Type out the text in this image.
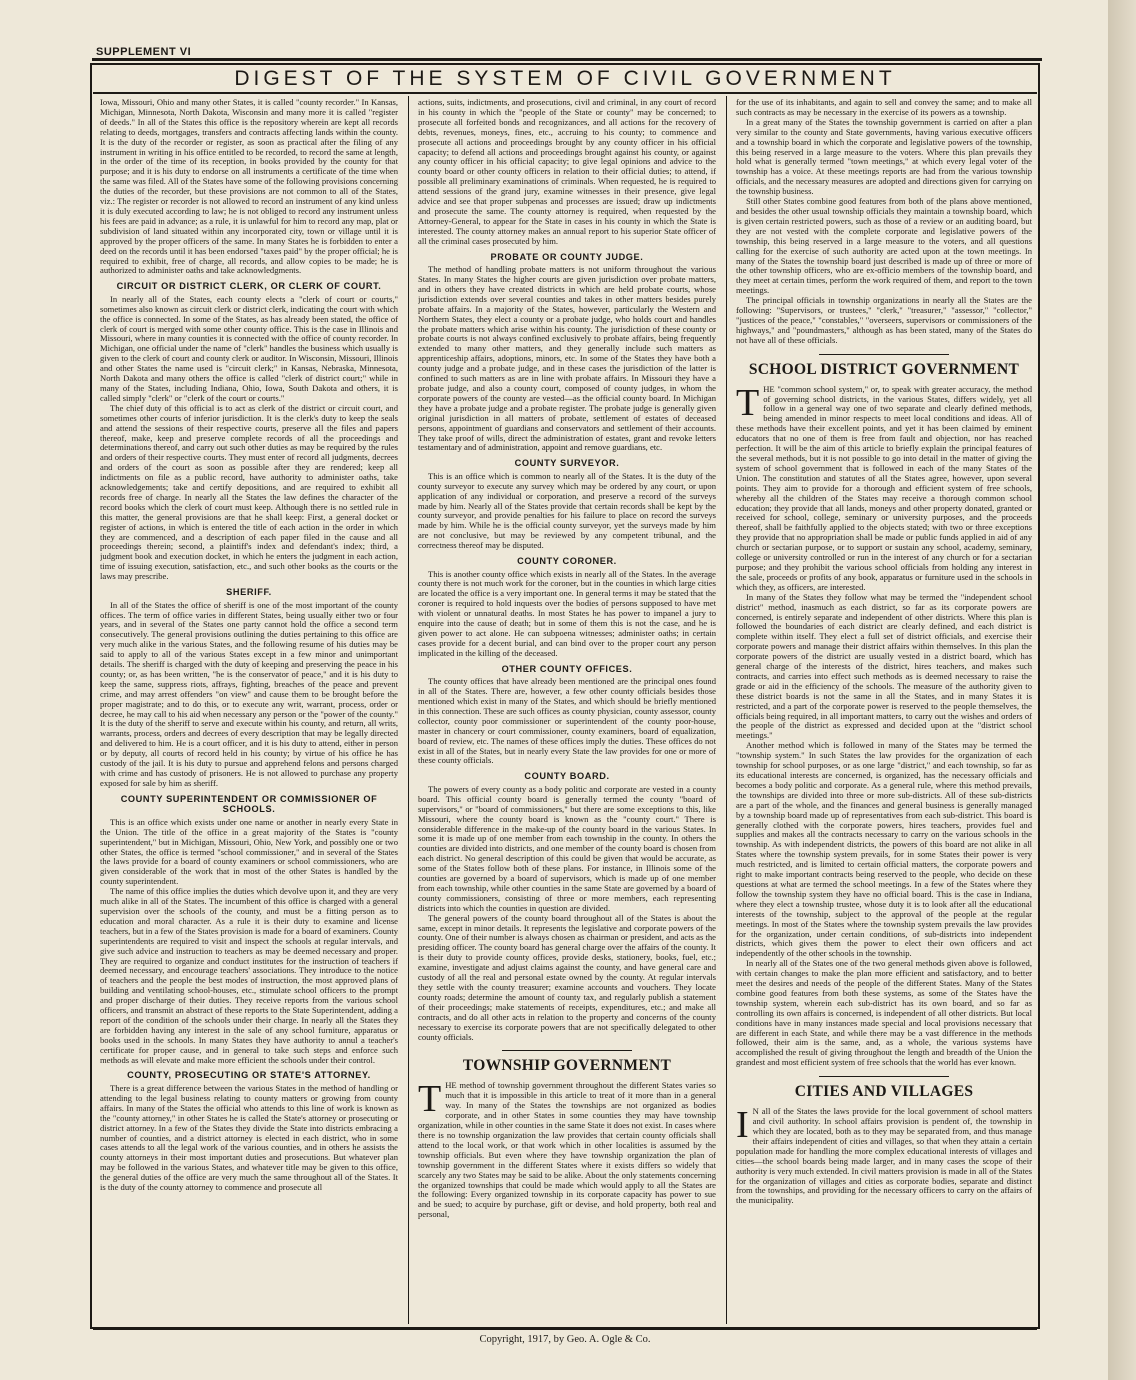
SUPPLEMENT VI
DIGEST OF THE SYSTEM OF CIVIL GOVERNMENT

Iowa, Missouri, Ohio and many other States, it is called "county recorder." In Kansas, Michigan, Minnesota, North Dakota, Wisconsin and many more it is called "register of deeds." In all of the States this office is the repository wherein are kept all records relating to deeds, mortgages, transfers and contracts affecting lands within the county. It is the duty of the recorder or register, as soon as practical after the filing of any instrument in writing in his office entitled to be recorded, to record the same at length, in the order of the time of its reception, in books provided by the county for that purpose; and it is his duty to endorse on all instruments a certificate of the time when the same was filed. All of the States have some of the following provisions concerning the duties of the recorder, but these provisions are not common to all of the States, viz.: The register or recorder is not allowed to record an instrument of any kind unless it is duly executed according to law; he is not obliged to record any instrument unless his fees are paid in advance; as a rule, it is unlawful for him to record any map, plat or subdivision of land situated within any incorporated city, town or village until it is approved by the proper officers of the same. In many States he is forbidden to enter a deed on the records until it has been endorsed "taxes paid" by the proper official; he is required to exhibit, free of charge, all records, and allow copies to be made; he is authorized to administer oaths and take acknowledgments.

CIRCUIT OR DISTRICT CLERK, OR CLERK OF COURT.

In nearly all of the States, each county elects a "clerk of court or courts," sometimes also known as circuit clerk or district clerk, indicating the court with which the office is connected. In some of the States, as has already been stated, the office of clerk of court is merged with some other county office. This is the case in Illinois and Missouri, where in many counties it is connected with the office of county recorder. In Michigan, one official under the name of "clerk" handles the business which usually is given to the clerk of court and county clerk or auditor. In Wisconsin, Missouri, Illinois and other States the name used is "circuit clerk;" in Kansas, Nebraska, Minnesota, North Dakota and many others the office is called "clerk of district court;" while in many of the States, including Indiana, Ohio, Iowa, South Dakota and others, it is called simply "clerk" or "clerk of the court or courts."

The chief duty of this official is to act as clerk of the district or circuit court, and sometimes other courts of inferior jurisdiction. It is the clerk's duty to keep the seals and attend the sessions of their respective courts, preserve all the files and papers thereof, make, keep and preserve complete records of all the proceedings and determinations thereof, and carry out such other duties as may be required by the rules and orders of their respective courts. They must enter of record all judgments, decrees and orders of the court as soon as possible after they are rendered; keep all indictments on file as a public record, have authority to administer oaths, take acknowledgements; take and certify depositions, and are required to exhibit all records free of charge. In nearly all the States the law defines the character of the record books which the clerk of court must keep. Although there is no settled rule in this matter, the general provisions are that he shall keep: First, a general docket or register of actions, in which is entered the title of each action in the order in which they are commenced, and a description of each paper filed in the cause and all proceedings therein; second, a plaintiff's index and defendant's index; third, a judgment book and execution docket, in which he enters the judgment in each action, time of issuing execution, satisfaction, etc., and such other books as the courts or the laws may prescribe.

SHERIFF.

In all of the States the office of sheriff is one of the most important of the county offices. The term of office varies in different States, being usually either two or four years, and in several of the States one party cannot hold the office a second term consecutively. The general provisions outlining the duties pertaining to this office are very much alike in the various States, and the following resume of his duties may be said to apply to all of the various States except in a few minor and unimportant details. The sheriff is charged with the duty of keeping and preserving the peace in his county; or, as has been written, "he is the conservator of peace," and it is his duty to keep the same, suppress riots, affrays, fighting, breaches of the peace and prevent crime, and may arrest offenders "on view" and cause them to be brought before the proper magistrate; and to do this, or to execute any writ, warrant, process, order or decree, he may call to his aid when necessary any person or the "power of the county." It is the duty of the sheriff to serve and execute within his county, and return, all writs, warrants, process, orders and decrees of every description that may be legally directed and delivered to him. He is a court officer, and it is his duty to attend, either in person or by deputy, all courts of record held in his county; by virtue of his office he has custody of the jail. It is his duty to pursue and apprehend felons and persons charged with crime and has custody of prisoners. He is not allowed to purchase any property exposed for sale by him as sheriff.

COUNTY SUPERINTENDENT OR COMMISSIONER OF SCHOOLS.

This is an office which exists under one name or another in nearly every State in the Union. The title of the office in a great majority of the States is "county superintendent," but in Michigan, Missouri, Ohio, New York, and possibly one or two other States, the office is termed "school commissioner," and in several of the States the laws provide for a board of county examiners or school commissioners, who are given considerable of the work that in most of the other States is handled by the county superintendent.

The name of this office implies the duties which devolve upon it, and they are very much alike in all of the States. The incumbent of this office is charged with a general supervision over the schools of the county, and must be a fitting person as to education and moral character. As a rule it is their duty to examine and license teachers, but in a few of the States provision is made for a board of examiners. County superintendents are required to visit and inspect the schools at regular intervals, and give such advice and instruction to teachers as may be deemed necessary and proper. They are required to organize and conduct institutes for the instruction of teachers if deemed necessary, and encourage teachers' associations. They introduce to the notice of teachers and the people the best modes of instruction, the most approved plans of building and ventilating school-houses, etc., stimulate school officers to the prompt and proper discharge of their duties. They receive reports from the various school officers, and transmit an abstract of these reports to the State Superintendent, adding a report of the condition of the schools under their charge. In nearly all the States they are forbidden having any interest in the sale of any school furniture, apparatus or books used in the schools. In many States they have authority to annul a teacher's certificate for proper cause, and in general to take such steps and enforce such methods as will elevate and make more efficient the schools under their control.

COUNTY, PROSECUTING OR STATE'S ATTORNEY.

There is a great difference between the various States in the method of handling or attending to the legal business relating to county matters or growing from county affairs. In many of the States the official who attends to this line of work is known as the "county attorney," in other States he is called the State's attorney or prosecuting or district attorney. In a few of the States they divide the State into districts embracing a number of counties, and a district attorney is elected in each district, who in some cases attends to all the legal work of the various counties, and in others he assists the county attorneys in their most important duties and prosecutions. But whatever plan may be followed in the various States, and whatever title may be given to this office, the general duties of the office are very much the same throughout all of the States. It is the duty of the county attorney to commence and prosecute all

actions, suits, indictments, and prosecutions, civil and criminal, in any court of record in his county in which the "people of the State or county" may be concerned; to prosecute all forfeited bonds and recognizances, and all actions for the recovery of debts, revenues, moneys, fines, etc., accruing to his county; to commence and prosecute all actions and proceedings brought by any county officer in his official capacity; to defend all actions and proceedings brought against his county, or against any county officer in his official capacity; to give legal opinions and advice to the county board or other county officers in relation to their official duties; to attend, if possible all preliminary examinations of criminals. When requested, he is required to attend sessions of the grand jury, examine witnesses in their presence, give legal advice and see that proper subpenas and processes are issued; draw up indictments and prosecute the same. The county attorney is required, when requested by the Attorney-General, to appear for the State in cases in his county in which the State is interested. The county attorney makes an annual report to his superior State officer of all the criminal cases prosecuted by him.

PROBATE OR COUNTY JUDGE.

The method of handling probate matters is not uniform throughout the various States. In many States the higher courts are given jurisdiction over probate matters, and in others they have created districts in which are held probate courts, whose jurisdiction extends over several counties and takes in other matters besides purely probate affairs. In a majority of the States, however, particularly the Western and Northern States, they elect a county or a probate judge, who holds court and handles the probate matters which arise within his county. The jurisdiction of these county or probate courts is not always confined exclusively to probate affairs, being frequently extended to many other matters, and they generally include such matters as apprenticeship affairs, adoptions, minors, etc. In some of the States they have both a county judge and a probate judge, and in these cases the jurisdiction of the latter is confined to such matters as are in line with probate affairs. In Missouri they have a probate judge, and also a county court, composed of county judges, in whom the corporate powers of the county are vested—as the official county board. In Michigan they have a probate judge and a probate register. The probate judge is generally given original jurisdiction in all matters of probate, settlement of estates of deceased persons, appointment of guardians and conservators and settlement of their accounts. They take proof of wills, direct the administration of estates, grant and revoke letters testamentary and of administration, appoint and remove guardians, etc.

COUNTY SURVEYOR.

This is an office which is common to nearly all of the States. It is the duty of the county surveyor to execute any survey which may be ordered by any court, or upon application of any individual or corporation, and preserve a record of the surveys made by him. Nearly all of the States provide that certain records shall be kept by the county surveyor, and provide penalties for his failure to place on record the surveys made by him. While he is the official county surveyor, yet the surveys made by him are not conclusive, but may be reviewed by any competent tribunal, and the correctness thereof may be disputed.

COUNTY CORONER.

This is another county office which exists in nearly all of the States. In the average county there is not much work for the coroner, but in the counties in which large cities are located the office is a very important one. In general terms it may be stated that the coroner is required to hold inquests over the bodies of persons supposed to have met with violent or unnatural deaths. In most States he has power to impanel a jury to enquire into the cause of death; but in some of them this is not the case, and he is given power to act alone. He can subpoena witnesses; administer oaths; in certain cases provide for a decent burial, and can bind over to the proper court any person implicated in the killing of the deceased.

OTHER COUNTY OFFICES.

The county offices that have already been mentioned are the principal ones found in all of the States. There are, however, a few other county officials besides those mentioned which exist in many of the States, and which should be briefly mentioned in this connection. These are such offices as county physician, county assessor, county collector, county poor commissioner or superintendent of the county poor-house, master in chancery or court commissioner, county examiners, board of equalization, board of review, etc. The names of these offices imply the duties. These offices do not exist in all of the States, but in nearly every State the law provides for one or more of these county officials.

COUNTY BOARD.

The powers of every county as a body politic and corporate are vested in a county board. This official county board is generally termed the county "board of supervisors," or "board of commissioners," but there are some exceptions to this, like Missouri, where the county board is known as the "county court." There is considerable difference in the make-up of the county board in the various States. In some it is made up of one member from each township in the county. In others the counties are divided into districts, and one member of the county board is chosen from each district. No general description of this could be given that would be accurate, as some of the States follow both of these plans. For instance, in Illinois some of the counties are governed by a board of supervisors, which is made up of one member from each township, while other counties in the same State are governed by a board of county commissioners, consisting of three or more members, each representing districts into which the counties in question are divided.

The general powers of the county board throughout all of the States is about the same, except in minor details. It represents the legislative and corporate powers of the county. One of their number is always chosen as chairman or president, and acts as the presiding officer. The county board has general charge over the affairs of the county. It is their duty to provide county offices, provide desks, stationery, books, fuel, etc.; examine, investigate and adjust claims against the county, and have general care and custody of all the real and personal estate owned by the county. At regular intervals they settle with the county treasurer; examine accounts and vouchers. They locate county roads; determine the amount of county tax, and regularly publish a statement of their proceedings; make statements of receipts, expenditures, etc.; and make all contracts, and do all other acts in relation to the property and concerns of the county necessary to exercise its corporate powers that are not specifically delegated to other county officials.

TOWNSHIP GOVERNMENT

THE method of township government throughout the different States varies so much that it is impossible in this article to treat of it more than in a general way. In many of the States the townships are not organized as bodies corporate, and in other States in some counties they may have township organization, while in other counties in the same State it does not exist. In cases where there is no township organization the law provides that certain county officials shall attend to the local work, or that work which in other localities is assumed by the township officials. But even where they have township organization the plan of township government in the different States where it exists differs so widely that scarcely any two States may be said to be alike. About the only statements concerning the organized townships that could be made which would apply to all the States are the following: Every organized township in its corporate capacity has power to sue and be sued; to acquire by purchase, gift or devise, and hold property, both real and personal,

for the use of its inhabitants, and again to sell and convey the same; and to make all such contracts as may be necessary in the exercise of its powers as a township.

In a great many of the States the township government is carried on after a plan very similar to the county and State governments, having various executive officers and a township board in which the corporate and legislative powers of the township, this being reserved in a large measure to the voters. Where this plan prevails they hold what is generally termed "town meetings," at which every legal voter of the township has a voice. At these meetings reports are had from the various township officials, and the necessary measures are adopted and directions given for carrying on the township business.

Still other States combine good features from both of the plans above mentioned, and besides the other usual township officials they maintain a township board, which is given certain restricted powers, such as those of a review or an auditing board, but they are not vested with the complete corporate and legislative powers of the township, this being reserved in a large measure to the voters, and all questions calling for the exercise of such authority are acted upon at the town meetings. In many of the States the township board just described is made up of three or more of the other township officers, who are ex-officio members of the township board, and they meet at certain times, perform the work required of them, and report to the town meetings.

The principal officials in township organizations in nearly all the States are the following: "Supervisors, or trustees," "clerk," "treasurer," "assessor," "collector," "justices of the peace," "constables," "overseers, supervisors or commissioners of the highways," and "poundmasters," although as has been stated, many of the States do not have all of these officials.

SCHOOL DISTRICT GOVERNMENT

THE "common school system," or, to speak with greater accuracy, the method of governing school districts, in the various States, differs widely, yet all follow in a general way one of two separate and clearly defined methods, being amended in minor respects to meet local conditions and ideas. All of these methods have their excellent points, and yet it has been claimed by eminent educators that no one of them is free from fault and objection, nor has reached perfection. It will be the aim of this article to briefly explain the principal features of the several methods, but it is not possible to go into detail in the matter of giving the system of school government that is followed in each of the many States of the Union. The constitution and statutes of all the States agree, however, upon several points. They aim to provide for a thorough and efficient system of free schools, whereby all the children of the States may receive a thorough common school education; they provide that all lands, moneys and other property donated, granted or received for school, college, seminary or university purposes, and the proceeds thereof, shall be faithfully applied to the objects stated; with two or three exceptions they provide that no appropriation shall be made or public funds applied in aid of any church or sectarian purpose, or to support or sustain any school, academy, seminary, college or university controlled or run in the interest of any church or for a sectarian purpose; and they prohibit the various school officials from holding any interest in the sale, proceeds or profits of any book, apparatus or furniture used in the schools in which they, as officers, are interested.

In many of the States they follow what may be termed the "independent school district" method, inasmuch as each district, so far as its corporate powers are concerned, is entirely separate and independent of other districts. Where this plan is followed the boundaries of each district are clearly defined, and each district is complete within itself. They elect a full set of district officials, and exercise their corporate powers and manage their district affairs within themselves. In this plan the corporate powers of the district are usually vested in a district board, which has general charge of the interests of the district, hires teachers, and makes such contracts, and carries into effect such methods as is deemed necessary to raise the grade or aid in the efficiency of the schools. The measure of the authority given to these district boards is not the same in all the States, and in many States it is restricted, and a part of the corporate power is reserved to the people themselves, the officials being required, in all important matters, to carry out the wishes and orders of the people of the district as expressed and decided upon at the "district school meetings."

Another method which is followed in many of the States may be termed the "township system." In such States the law provides for the organization of each township for school purposes, or as one large "district," and each township, so far as its educational interests are concerned, is organized, has the necessary officials and becomes a body politic and corporate. As a general rule, where this method prevails, the townships are divided into three or more sub-districts. All of these sub-districts are a part of the whole, and the finances and general business is generally managed by a township board made up of representatives from each sub-district. This board is generally clothed with the corporate powers, hires teachers, provides fuel and supplies and makes all the contracts necessary to carry on the various schools in the township. As with independent districts, the powers of this board are not alike in all States where the township system prevails, for in some States their power is very much restricted, and is limited to certain official matters, the corporate powers and right to make important contracts being reserved to the people, who decide on these questions at what are termed the school meetings. In a few of the States where they follow the township system they have no official board. This is the case in Indiana, where they elect a township trustee, whose duty it is to look after all the educational interests of the township, subject to the approval of the people at the regular meetings. In most of the States where the township system prevails the law provides for the organization, under certain conditions, of sub-districts into independent districts, which gives them the power to elect their own officers and act independently of the other schools in the township.

In nearly all of the States one of the two general methods given above is followed, with certain changes to make the plan more efficient and satisfactory, and to better meet the desires and needs of the people of the different States. Many of the States combine good features from both these systems, as some of the States have the township system, wherein each sub-district has its own board, and so far as controlling its own affairs is concerned, is independent of all other districts. But local conditions have in many instances made special and local provisions necessary that are different in each State, and while there may be a vast difference in the methods followed, their aim is the same, and, as a whole, the various systems have accomplished the result of giving throughout the length and breadth of the Union the grandest and most efficient system of free schools that the world has ever known.

CITIES AND VILLAGES

I N all of the States the laws provide for the local government of school matters and civil authority. In school affairs provision is pendent of, the township in which they are located, both as to they may be separated from, and thus manage their affairs independent of cities and villages, so that when they attain a certain population made for handling the more complex educational interests of villages and cities—the school boards being made larger, and in many cases the scope of their authority is very much extended. In civil matters provision is made in all of the States for the organization of villages and cities as corporate bodies, separate and distinct from the townships, and providing for the necessary officers to carry on the affairs of the municipality.

Copyright, 1917, by Geo. A. Ogle & Co.
